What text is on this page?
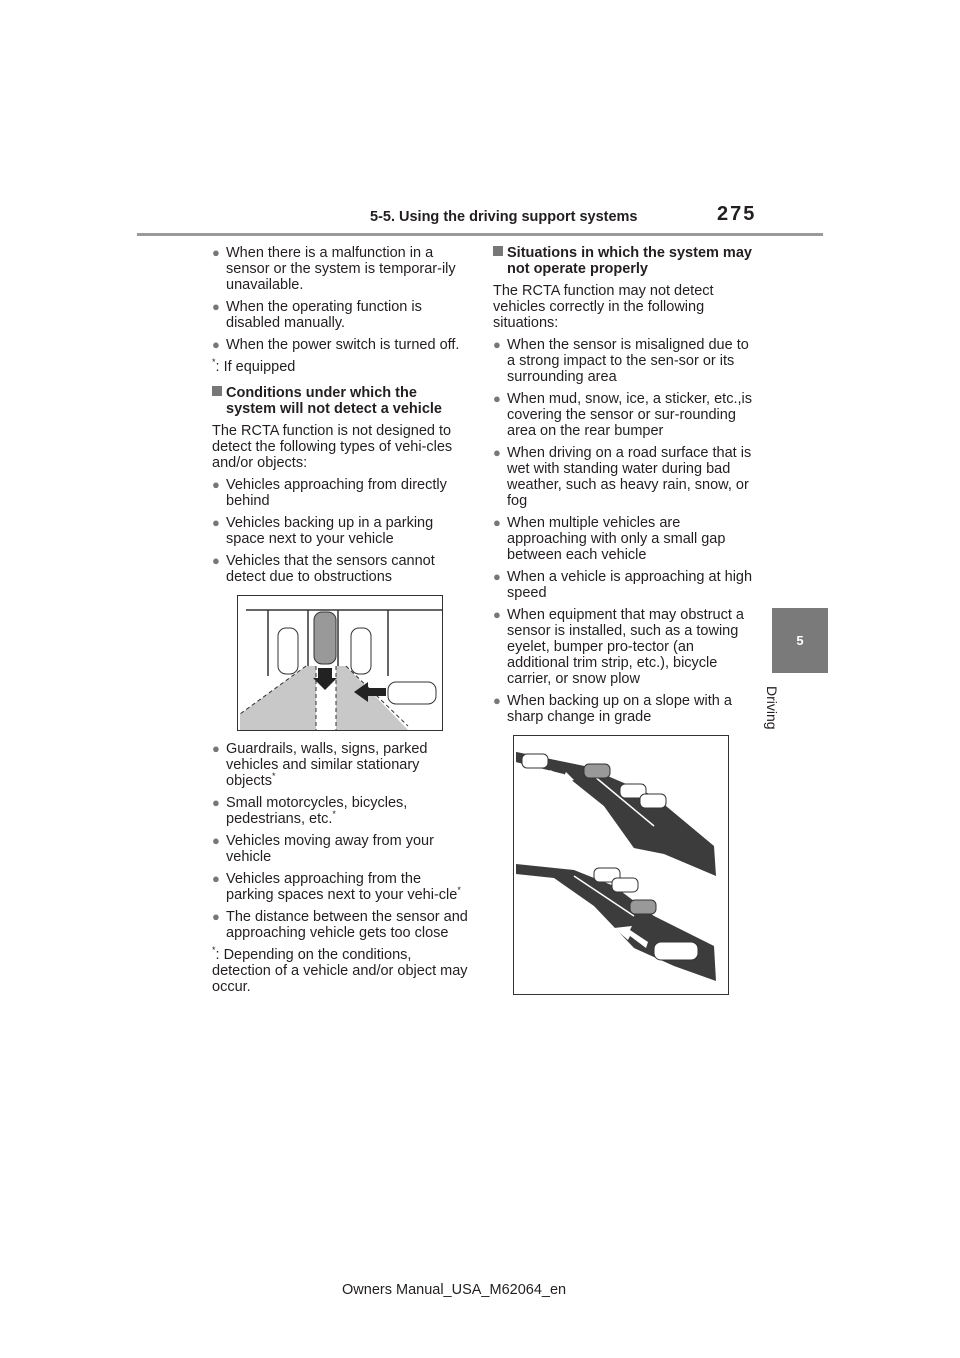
5-5. Using the driving support systems	275
5
Driving
● When there is a malfunction in a sensor or the system is temporar-ily unavailable.
● When the operating function is disabled manually.
● When the power switch is turned off.
*: If equipped
Conditions under which the system will not detect a vehicle
The RCTA function is not designed to detect the following types of vehi-cles and/or objects:
● Vehicles approaching from directly behind
● Vehicles backing up in a parking space next to your vehicle
● Vehicles that the sensors cannot detect due to obstructions
● Guardrails, walls, signs, parked vehicles and similar stationary objects*
● Small motorcycles, bicycles, pedestrians, etc.*
● Vehicles moving away from your vehicle
● Vehicles approaching from the parking spaces next to your vehi-cle*
● The distance between the sensor and approaching vehicle gets too close
*: Depending on the conditions, detection of a vehicle and/or object may occur.
Situations in which the system may not operate properly
The RCTA function may not detect vehicles correctly in the following situations:
● When the sensor is misaligned due to a strong impact to the sen-sor or its surrounding area
● When mud, snow, ice, a sticker, etc.,is covering the sensor or sur-rounding area on the rear bumper
● When driving on a road surface that is wet with standing water during bad weather, such as heavy rain, snow, or fog
● When multiple vehicles are approaching with only a small gap between each vehicle
● When a vehicle is approaching at high speed
● When equipment that may obstruct a sensor is installed, such as a towing eyelet, bumper pro-tector (an additional trim strip, etc.), bicycle carrier, or snow plow
● When backing up on a slope with a sharp change in grade
Owners Manual_USA_M62064_en
